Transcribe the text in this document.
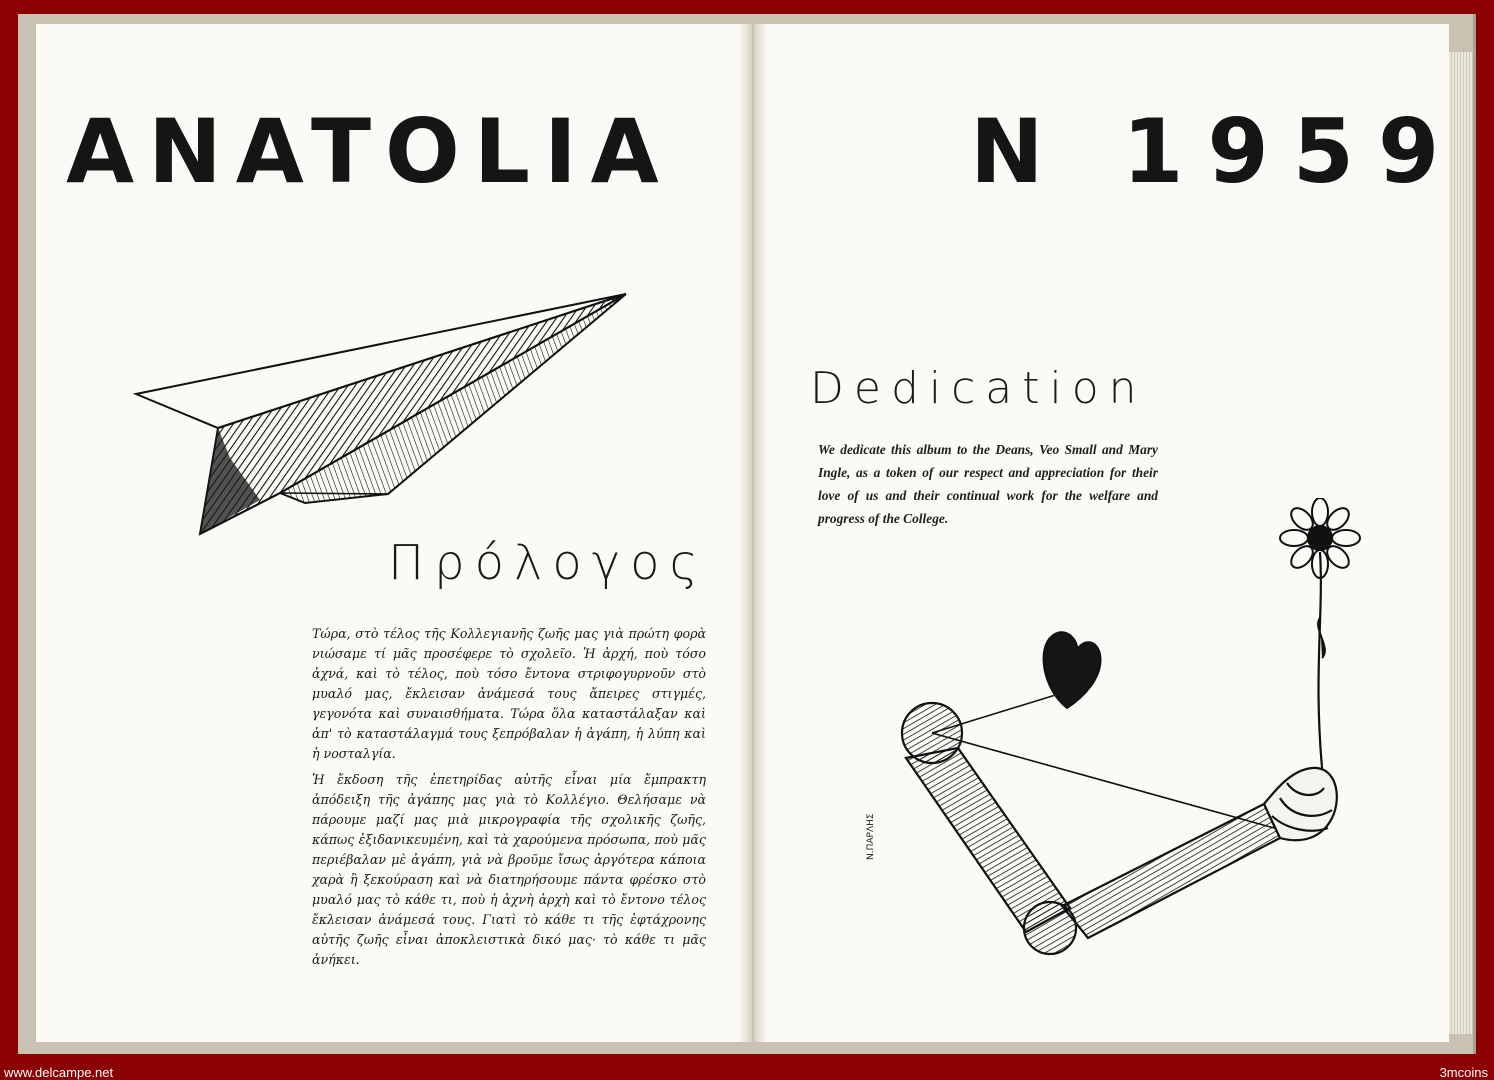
ANATOLIA	N 1959
Πρόλογος

Τώρα, στὸ τέλος τῆς Κολλεγιανῆς ζωῆς μας γιὰ πρώτη φορὰ νιώσαμε τί μᾶς προσέφερε τὸ σχολεῖο. Ἡ ἀρχή, ποὺ τόσο ἀχνά, καὶ τὸ τέλος, ποὺ τόσο ἔντονα στριφογυρνοῦν στὸ μυαλό μας, ἔκλεισαν ἀνάμεσά τους ἄπειρες στιγμές, γεγονότα καὶ συναισθήματα. Τώρα ὅλα καταστάλαξαν καὶ ἀπ' τὸ καταστάλαγμά τους ξεπρόβαλαν ἡ ἀγάπη, ἡ λύπη καὶ ἡ νοσταλγία.

Ἡ ἔκδοση τῆς ἐπετηρίδας αὐτῆς εἶναι μία ἔμπρακτη ἀπόδειξη τῆς ἀγάπης μας γιὰ τὸ Κολλέγιο. Θελήσαμε νὰ πάρουμε μαζί μας μιὰ μικρογραφία τῆς σχολικῆς ζωῆς, κάπως ἐξιδανικευμένη, καὶ τὰ χαρούμενα πρόσωπα, ποὺ μᾶς περιέβαλαν μὲ ἀγάπη, γιὰ νὰ βροῦμε ἴσως ἀργότερα κάποια χαρὰ ἢ ξεκούραση καὶ νὰ διατηρήσουμε πάντα φρέσκο στὸ μυαλό μας τὸ κάθε τι, ποὺ ἡ ἀχνὴ ἀρχὴ καὶ τὸ ἔντονο τέλος ἔκλεισαν ἀνάμεσά τους. Γιατὶ τὸ κάθε τι τῆς ἑφτάχρονης αὐτῆς ζωῆς εἶναι ἀποκλειστικὰ δικό μας· τὸ κάθε τι μᾶς ἀνήκει.

Dedication
We dedicate this album to the Deans, Veo Small and Mary Ingle, as a token of our respect and appreciation for their love of us and their continual work for the welfare and progress of the College.
Ν.ΠΑΡΛΗΣ
www.delcampe.net	3mcoins
